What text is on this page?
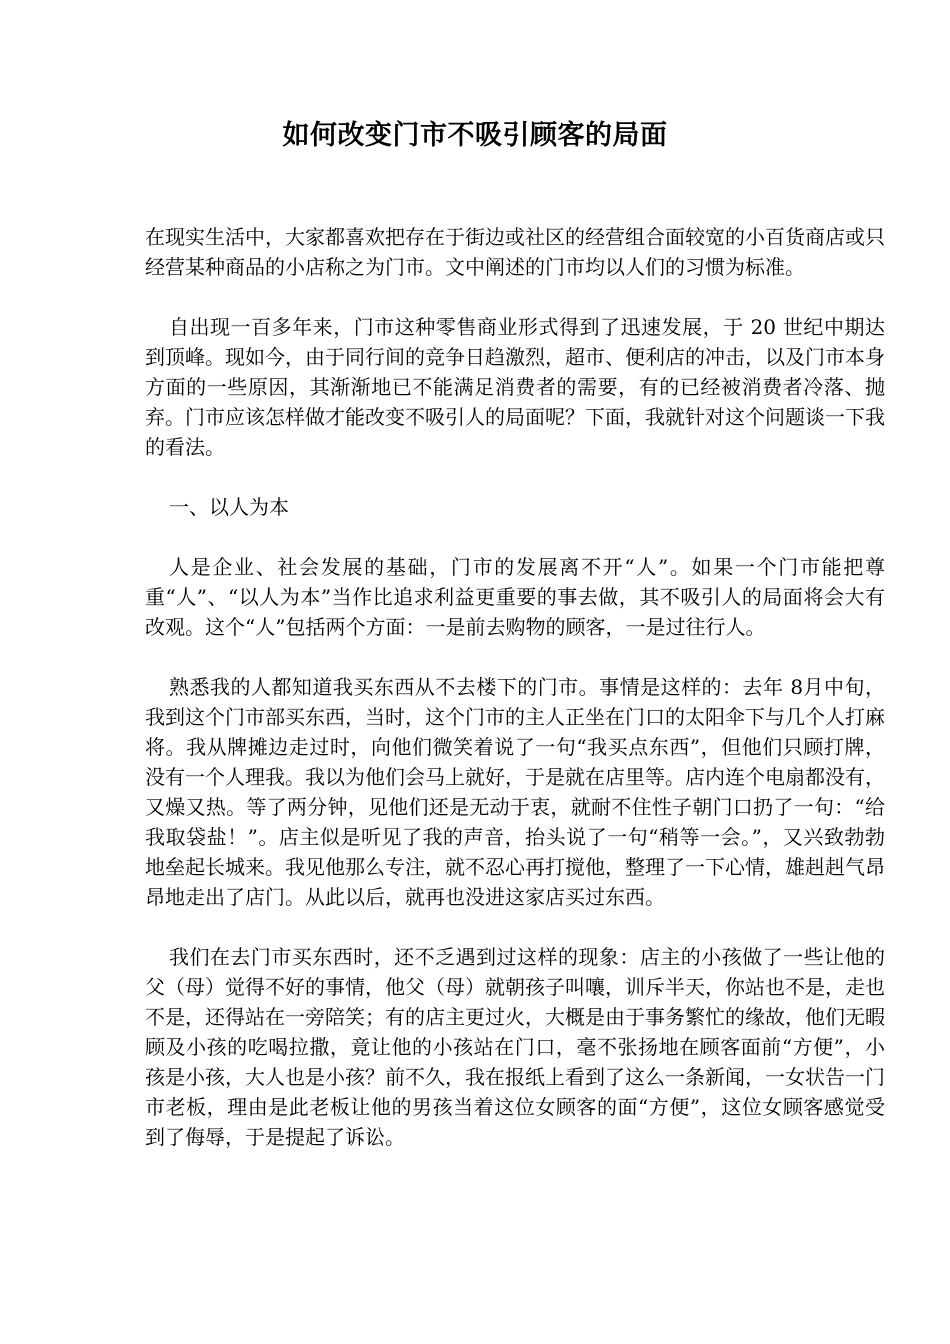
如何改变门市不吸引顾客的局面

在现实生活中，大家都喜欢把存在于街边或社区的经营组合面较宽的小百货商店或只经营某种商品的小店称之为门市。文中阐述的门市均以人们的习惯为标准。

自出现一百多年来，门市这种零售商业形式得到了迅速发展，于 20 世纪中期达到顶峰。现如今，由于同行间的竞争日趋激烈，超市、便利店的冲击，以及门市本身方面的一些原因，其渐渐地已不能满足消费者的需要，有的已经被消费者冷落、抛弃。门市应该怎样做才能改变不吸引人的局面呢？下面，我就针对这个问题谈一下我的看法。

一、以人为本

人是企业、社会发展的基础，门市的发展离不开“人”。如果一个门市能把尊重“人”、“以人为本”当作比追求利益更重要的事去做，其不吸引人的局面将会大有改观。这个“人”包括两个方面：一是前去购物的顾客，一是过往行人。

熟悉我的人都知道我买东西从不去楼下的门市。事情是这样的：去年 8月中旬，我到这个门市部买东西，当时，这个门市的主人正坐在门口的太阳伞下与几个人打麻将。我从牌摊边走过时，向他们微笑着说了一句“我买点东西”，但他们只顾打牌，没有一个人理我。我以为他们会马上就好，于是就在店里等。店内连个电扇都没有，又燥又热。等了两分钟，见他们还是无动于衷，就耐不住性子朝门口扔了一句：“给我取袋盐！”。店主似是听见了我的声音，抬头说了一句“稍等一会。”，又兴致勃勃地垒起长城来。我见他那么专注，就不忍心再打搅他，整理了一下心情，雄赳赳气昂昂地走出了店门。从此以后，就再也没进这家店买过东西。

我们在去门市买东西时，还不乏遇到过这样的现象：店主的小孩做了一些让他的父（母）觉得不好的事情，他父（母）就朝孩子叫嚷，训斥半天，你站也不是，走也不是，还得站在一旁陪笑；有的店主更过火，大概是由于事务繁忙的缘故，他们无暇顾及小孩的吃喝拉撒，竟让他的小孩站在门口，毫不张扬地在顾客面前“方便”，小孩是小孩，大人也是小孩？前不久，我在报纸上看到了这么一条新闻，一女状告一门市老板，理由是此老板让他的男孩当着这位女顾客的面“方便”，这位女顾客感觉受到了侮辱，于是提起了诉讼。
